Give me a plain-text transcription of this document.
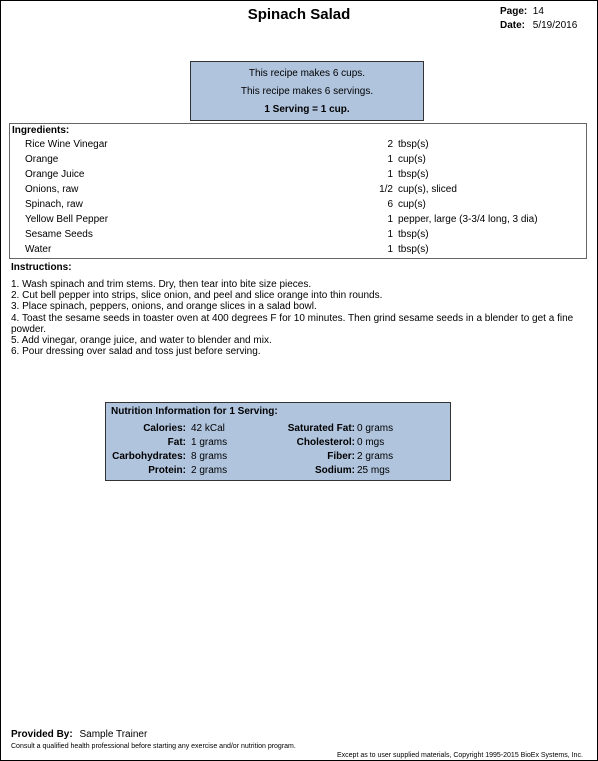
Spinach Salad	Page: 14
Date: 5/19/2016
This recipe makes 6 cups.
This recipe makes 6 servings.
1 Serving = 1 cup.
Ingredients:
Rice Wine Vinegar	2 tbsp(s)
Orange	1 cup(s)
Orange Juice	1 tbsp(s)
Onions, raw	1/2 cup(s), sliced
Spinach, raw	6 cup(s)
Yellow Bell Pepper	1 pepper, large (3-3/4 long, 3 dia)
Sesame Seeds	1 tbsp(s)
Water	1 tbsp(s)
Instructions:
1. Wash spinach and trim stems. Dry, then tear into bite size pieces.
2. Cut bell pepper into strips, slice onion, and peel and slice orange into thin rounds.
3. Place spinach, peppers, onions, and orange slices in a salad bowl.
4. Toast the sesame seeds in toaster oven at 400 degrees F for 10 minutes. Then grind sesame seeds in a blender to get a fine powder.
5. Add vinegar, orange juice, and water to blender and mix.
6. Pour dressing over salad and toss just before serving.
Nutrition Information for 1 Serving:
Calories: 42 kCal	Saturated Fat: 0 grams
Fat: 1 grams	Cholesterol: 0 mgs
Carbohydrates: 8 grams	Fiber: 2 grams
Protein: 2 grams	Sodium: 25 mgs
Provided By: Sample Trainer
Consult a qualified health professional before starting any exercise and/or nutrition program.
Except as to user supplied materials, Copyright 1995-2015 BioEx Systems, Inc.
